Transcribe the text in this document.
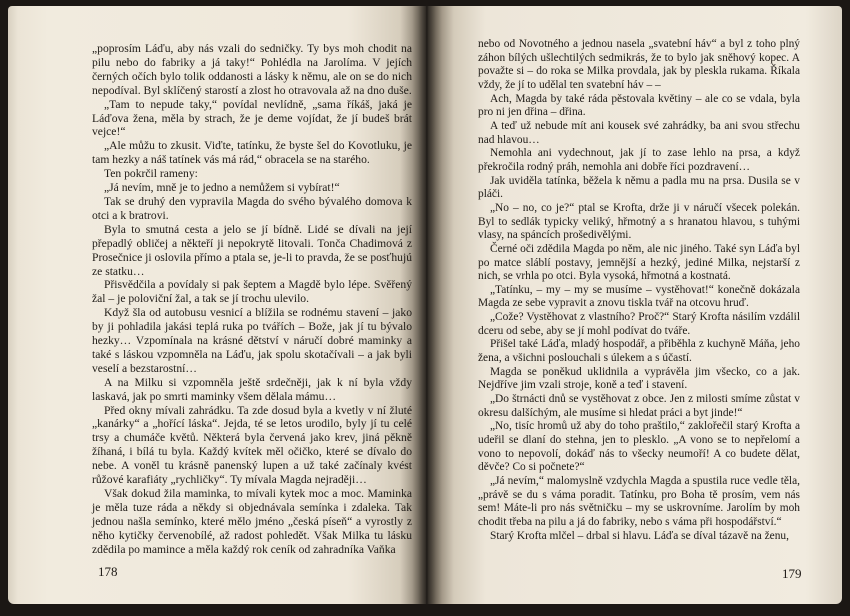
„poprosím Láďu, aby nás vzali do sedničky. Ty bys moh chodit na pilu nebo do fabriky a já taky!“ Pohlédla na Jarolíma. V jejích černých očích bylo tolik oddanosti a lásky k němu, ale on se do nich nepodíval. Byl sklíčený starostí a zlost ho otravovala až na dno duše.

„Tam to nepude taky,“ povídal nevlídně, „sama říkáš, jaká je Láďova žena, měla by strach, že je deme vojídat, že jí budeš brát vejce!“

„Ale můžu to zkusit. Viďte, tatínku, že byste šel do Kovotluku, je tam hezky a náš tatínek vás má rád,“ obracela se na starého.

Ten pokrčil rameny:

„Já nevím, mně je to jedno a nemůžem si vybírat!“

Tak se druhý den vypravila Magda do svého bývalého domova k otci a k bratrovi.

Byla to smutná cesta a jelo se jí bídně. Lidé se dívali na její přepadlý obličej a někteří ji nepokrytě litovali. Tonča Chadimová z Prosečnice ji oslovila přímo a ptala se, je-li to pravda, že se posťhujú ze statku…

Přisvědčila a povídaly si pak šeptem a Magdě bylo lépe. Svěřený žal – je poloviční žal, a tak se jí trochu ulevilo.

Když šla od autobusu vesnicí a blížila se rodnému stavení – jako by ji pohladila jakási teplá ruka po tvářích – Bože, jak jí tu bývalo hezky… Vzpomínala na krásné dětství v náručí dobré maminky a také s láskou vzpomněla na Láďu, jak spolu skotačívali – a jak byli veselí a bezstarostní…

A na Milku si vzpomněla ještě srdečněji, jak k ní byla vždy laskavá, jak po smrti maminky všem dělala mámu…

Před okny mívali zahrádku. Ta zde dosud byla a kvetly v ní žluté „kanárky“ a „hořící láska“. Jejda, té se letos urodilo, byly jí tu celé trsy a chumáče květů. Některá byla červená jako krev, jiná pěkně žíhaná, i bílá tu byla. Každý kvítek měl očičko, které se dívalo do nebe. A voněl tu krásně panenský lupen a už také začínaly kvést růžové karafiáty „rychličky“. Ty mívala Magda nejraději…

Však dokud žila maminka, to mívali kytek moc a moc. Maminka je měla tuze ráda a někdy si objednávala semínka i zdaleka. Tak jednou našla semínko, které mělo jméno „česká píseň“ a vyrostly z něho kytičky červenobílé, až radost pohledět. Však Milka tu lásku zdědila po mamince a měla každý rok ceník od zahradníka Vaňka

178

nebo od Novotného a jednou nasela „svatební háv“ a byl z toho plný záhon bílých ušlechtilých sedmikrás, že to bylo jak sněhový kopec. A považte si – do roka se Milka provdala, jak by pleskla rukama. Říkala vždy, že jí to udělal ten svatební háv – –

Ach, Magda by také ráda pěstovala květiny – ale co se vdala, byla pro ni jen dřina – dřina.

A teď už nebude mít ani kousek své zahrádky, ba ani svou střechu nad hlavou…

Nemohla ani vydechnout, jak jí to zase lehlo na prsa, a když překročila rodný práh, nemohla ani dobře říci pozdravení…

Jak uviděla tatínka, běžela k němu a padla mu na prsa. Dusila se v pláči.

„No – no, co je?“ ptal se Krofta, drže ji v náručí všecek polekán. Byl to sedlák typicky veliký, hřmotný a s hranatou hlavou, s tuhými vlasy, na spáncích prošedivělými.

Černé oči zdědila Magda po něm, ale nic jiného. Také syn Láďa byl po matce sláblí postavy, jemnější a hezký, jediné Milka, nejstarší z nich, se vrhla po otci. Byla vysoká, hřmotná a kostnatá.

„Tatínku, – my – my se musíme – vystěhovat!“ konečně dokázala Magda ze sebe vypravit a znovu tiskla tvář na otcovu hruď.

„Cože? Vystěhovat z vlastního? Proč?“ Starý Krofta násilím vzdálil dceru od sebe, aby se jí mohl podívat do tváře.

Přišel také Láďa, mladý hospodář, a přiběhla z kuchyně Máňa, jeho žena, a všichni poslouchali s úlekem a s účastí.

Magda se poněkud uklidnila a vyprávěla jim všecko, co a jak. Nejdříve jim vzali stroje, koně a teď i stavení.

„Do štrnácti dnů se vystěhovat z obce. Jen z milosti smíme zůstat v okresu dalšíchým, ale musíme si hledat práci a byt jinde!“

„No, tisíc hromů už aby do toho praštilo,“ zaklořečil starý Krofta a udeřil se dlaní do stehna, jen to plesklo. „A vono se to nepřelomí a vono to nepovolí, dokáď nás to všecky neumoří! A co budete dělat, děvče? Co si počnete?“

„Já nevím,“ malomyslně vzdychla Magda a spustila ruce vedle těla, „právě se du s váma poradit. Tatínku, pro Boha tě prosím, vem nás sem! Máte-li pro nás světničku – my se uskrovníme. Jarolím by moh chodit třeba na pilu a já do fabriky, nebo s váma při hospodářství.“

Starý Krofta mlčel – drbal si hlavu. Láďa se díval tázavě na ženu,

179
